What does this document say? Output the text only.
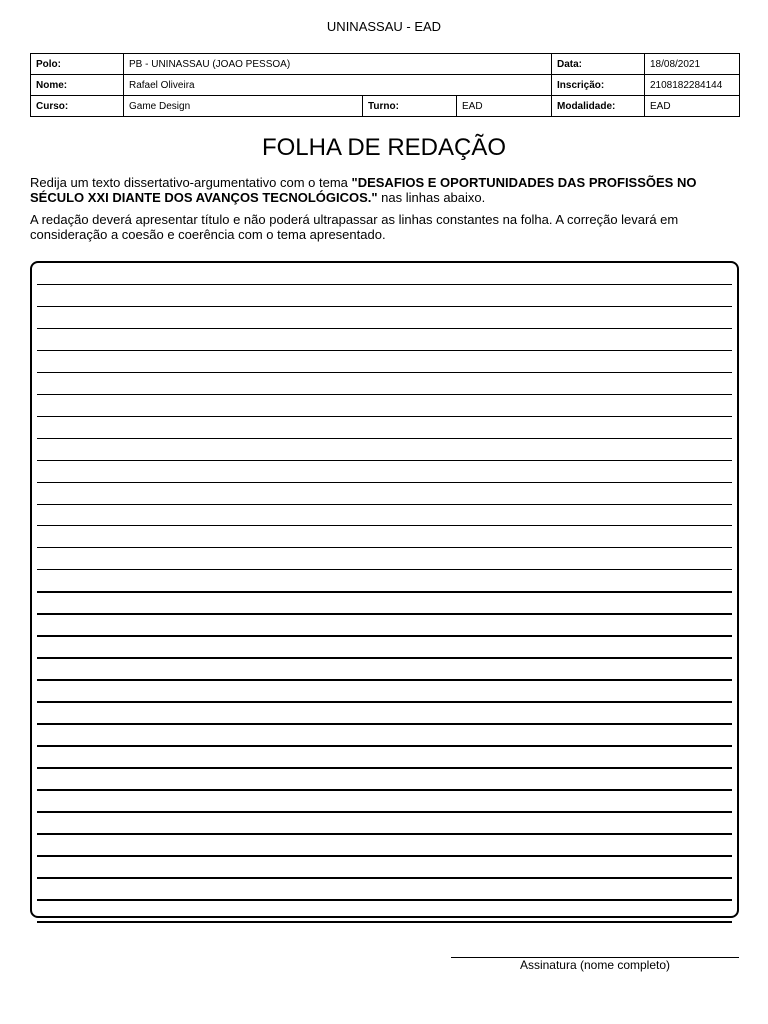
UNINASSAU - EAD
Polo:	PB - UNINASSAU (JOAO PESSOA)			Data:	18/08/2021
Nome:	Rafael Oliveira			Inscrição:	2108182284144
Curso:	Game Design	Turno:	EAD	Modalidade:	EAD
FOLHA DE REDAÇÃO
Redija um texto dissertativo-argumentativo com o tema "DESAFIOS E OPORTUNIDADES DAS PROFISSÕES NO SÉCULO XXI DIANTE DOS AVANÇOS TECNOLÓGICOS." nas linhas abaixo.
A redação deverá apresentar título e não poderá ultrapassar as linhas constantes na folha. A correção levará em consideração a coesão e coerência com o tema apresentado.
Assinatura (nome completo)
